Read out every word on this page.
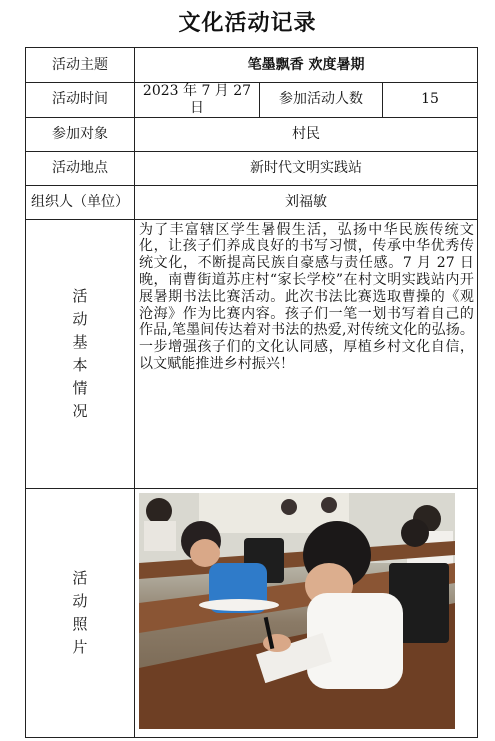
文化活动记录
活动主题	笔墨飘香 欢度暑期		
活动时间	2023 年 7 月 27 日	参加活动人数	15
参加对象	村民		
活动地点	新时代文明实践站		
组织人（单位）	刘福敏		
活动基本情况	为了丰富辖区学生暑假生活，弘扬中华民族传统文化，让孩子们养成良好的书写习惯，传承中华优秀传统文化，不断提高民族自豪感与责任感。7 月 27 日晚，南曹街道苏庄村“家长学校”在村文明实践站内开展暑期书法比赛活动。此次书法比赛选取曹操的《观沧海》作为比赛内容。孩子们一笔一划书写着自己的作品,笔墨间传达着对书法的热爱,对传统文化的弘扬。一步增强孩子们的文化认同感，厚植乡村文化自信，以文赋能推进乡村振兴！		
活动照片	
